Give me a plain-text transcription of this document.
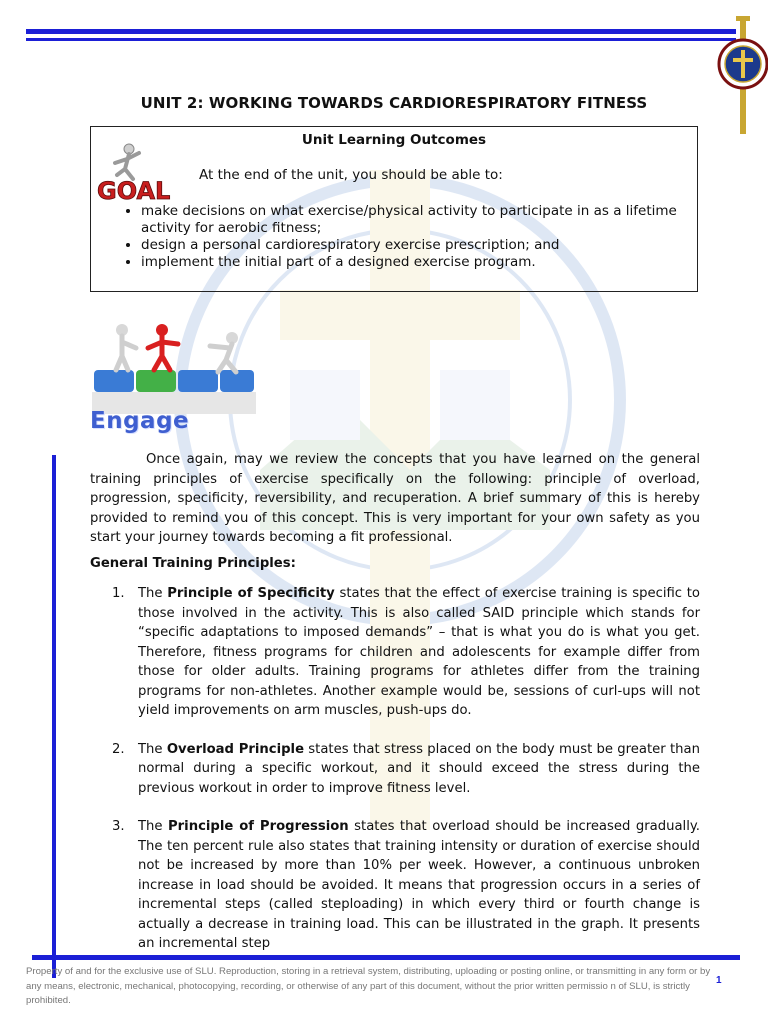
UNIT 2: WORKING TOWARDS CARDIORESPIRATORY FITNESS
Unit Learning Outcomes
GOAL
At the end of the unit, you should be able to:
• make decisions on what exercise/physical activity to participate in as a lifetime activity for aerobic fitness;
• design a personal cardiorespiratory exercise prescription; and
• implement the initial part of a designed exercise program.
Engage

Once again, may we review the concepts that you have learned on the general training principles of exercise specifically on the following: principle of overload, progression, specificity, reversibility, and recuperation. A brief summary of this is hereby provided to remind you of this concept. This is very important for your own safety as you start your journey towards becoming a fit professional.

General Training Principles:
1. The Principle of Specificity states that the effect of exercise training is specific to those involved in the activity. This is also called SAID principle which stands for “specific adaptations to imposed demands” – that is what you do is what you get. Therefore, fitness programs for children and adolescents for example differ from those for older adults. Training programs for athletes differ from the training programs for non-athletes. Another example would be, sessions of curl-ups will not yield improvements on arm muscles, push-ups do.
2. The Overload Principle states that stress placed on the body must be greater than normal during a specific workout, and it should exceed the stress during the previous workout in order to improve fitness level.
3. The Principle of Progression states that overload should be increased gradually. The ten percent rule also states that training intensity or duration of exercise should not be increased by more than 10% per week. However, a continuous unbroken increase in load should be avoided. It means that progression occurs in a series of incremental steps (called steploading) in which every third or fourth change is actually a decrease in training load. This can be illustrated in the graph. It presents an incremental step
Property of and for the exclusive use of SLU. Reproduction, storing in a retrieval system, distributing, uploading or posting online, or transmitting in any form or by any means, electronic, mechanical, photocopying, recording, or otherwise of any part of this document, without the prior written permissio n of SLU, is strictly prohibited.
1
